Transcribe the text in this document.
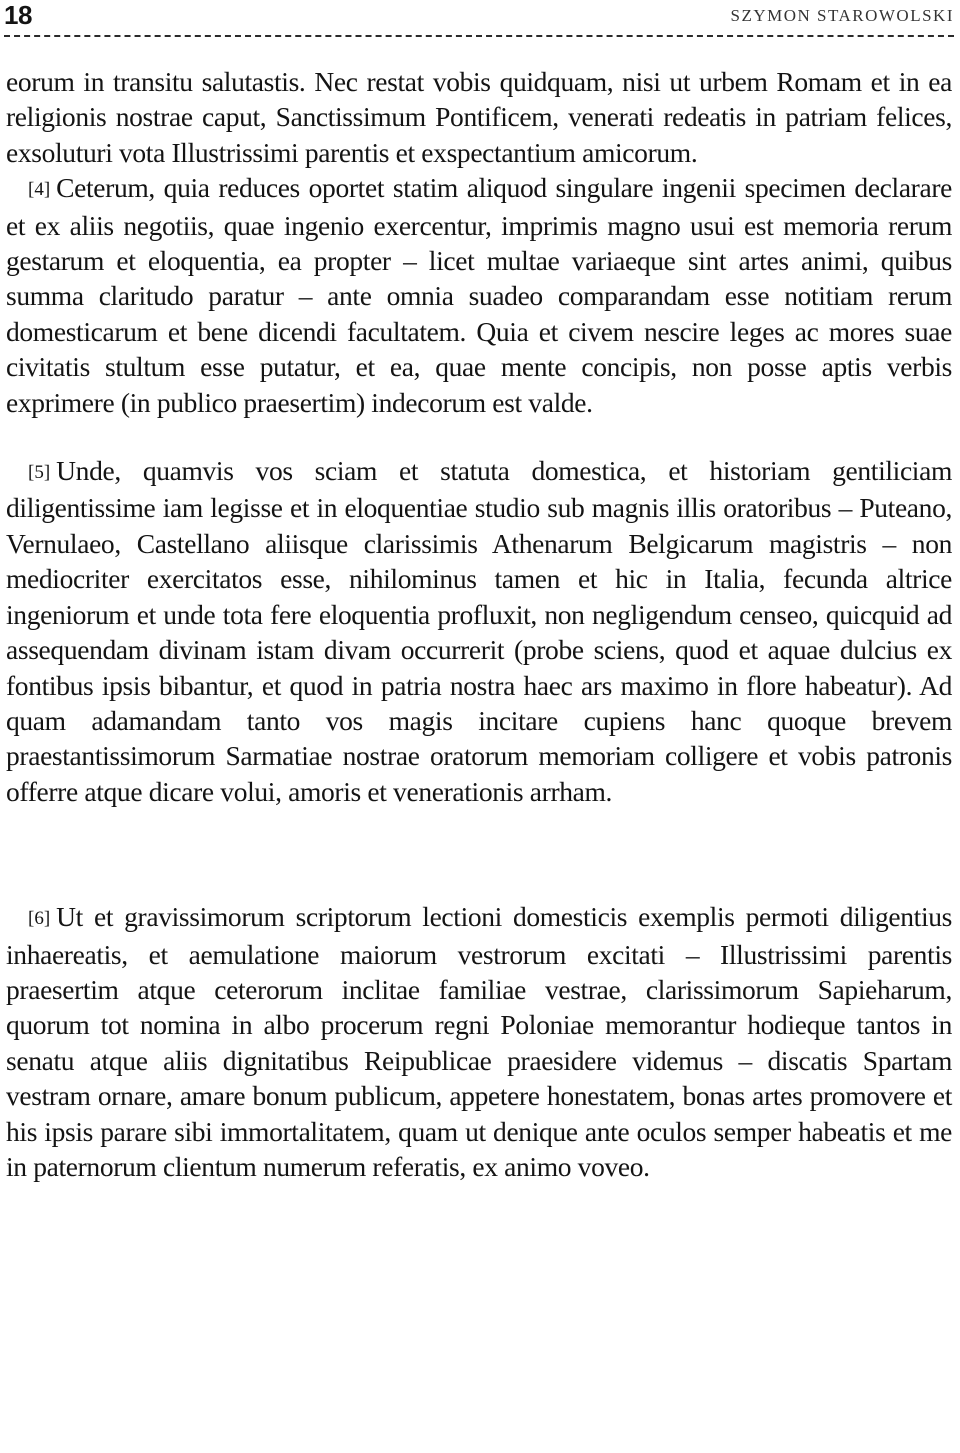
18	SZYMON STAROWOLSKI

eorum in transitu salutastis. Nec restat vobis quidquam, nisi ut urbem Romam et in ea religionis nostrae caput, Sanctissimum Pontificem, venerati redeatis in patriam felices, exsoluturi vota Illustrissimi parentis et exspectantium amicorum.

[4] Ceterum, quia reduces oportet statim aliquod singulare ingenii specimen declarare et ex aliis negotiis, quae ingenio exercentur, imprimis magno usui est memoria rerum gestarum et eloquentia, ea propter – licet multae variaeque sint artes animi, quibus summa claritudo paratur – ante omnia suadeo comparandam esse notitiam rerum domesticarum et bene dicendi facultatem. Quia et civem nescire leges ac mores suae civitatis stultum esse putatur, et ea, quae mente concipis, non posse aptis verbis exprimere (in publico praesertim) indecorum est valde.

[5] Unde, quamvis vos sciam et statuta domestica, et historiam gentiliciam diligentissime iam legisse et in eloquentiae studio sub magnis illis oratoribus – Puteano, Vernulaeo, Castellano aliisque clarissimis Athenarum Belgicarum magistris – non mediocriter exercitatos esse, nihilominus tamen et hic in Italia, fecunda altrice ingeniorum et unde tota fere eloquentia profluxit, non negligendum censeo, quicquid ad assequendam divinam istam divam occurrerit (probe sciens, quod et aquae dulcius ex fontibus ipsis bibantur, et quod in patria nostra haec ars maximo in flore habeatur). Ad quam adamandam tanto vos magis incitare cupiens hanc quoque brevem praestantissimorum Sarmatiae nostrae oratorum memoriam colligere et vobis patronis offerre atque dicare volui, amoris et venerationis arrham.

[6] Ut et gravissimorum scriptorum lectioni domesticis exemplis permoti diligentius inhaereatis, et aemulatione maiorum vestrorum excitati – Illustrissimi parentis praesertim atque ceterorum inclitae familiae vestrae, clarissimorum Sapieharum, quorum tot nomina in albo procerum regni Poloniae memorantur hodieque tantos in senatu atque aliis dignitatibus Reipublicae praesidere videmus – discatis Spartam vestram ornare, amare bonum publicum, appetere honestatem, bonas artes promovere et his ipsis parare sibi immortalitatem, quam ut denique ante oculos semper habeatis et me in paternorum clientum numerum referatis, ex animo voveo.
